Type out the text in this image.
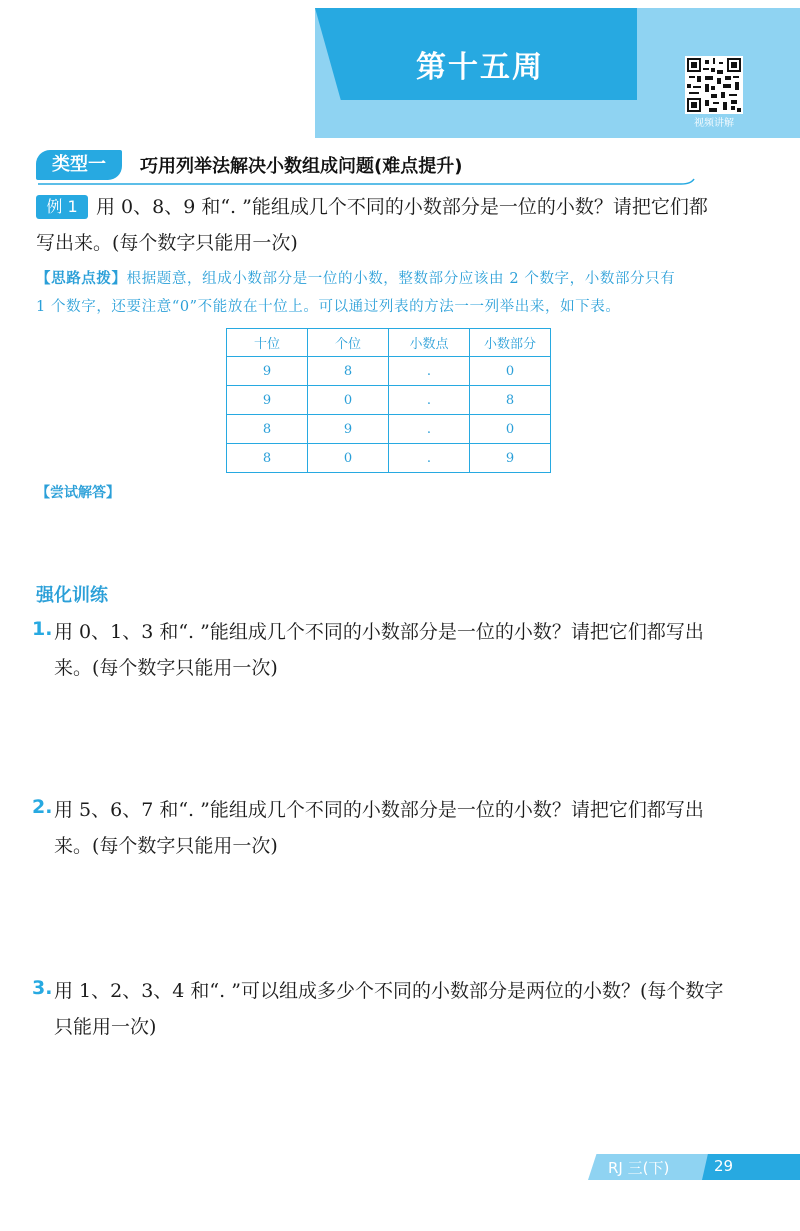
第十五周
视频讲解
类型一	巧用列举法解决小数组成问题(难点提升)
例 1 用 0、8、9 和“. ”能组成几个不同的小数部分是一位的小数？请把它们都
写出来。(每个数字只能用一次)
【思路点拨】根据题意，组成小数部分是一位的小数，整数部分应该由 2 个数字，小数部分只有
1 个数字，还要注意“0”不能放在十位上。可以通过列表的方法一一列举出来，如下表。
十位	个位	小数点	小数部分
9	8	.	0
9	0	.	8
8	9	.	0
8	0	.	9
【尝试解答】
强化训练
1. 用 0、1、3 和“. ”能组成几个不同的小数部分是一位的小数？请把它们都写出
来。(每个数字只能用一次)
2. 用 5、6、7 和“. ”能组成几个不同的小数部分是一位的小数？请把它们都写出
来。(每个数字只能用一次)
3. 用 1、2、3、4 和“. ”可以组成多少个不同的小数部分是两位的小数？(每个数字
只能用一次)
RJ 三(下)	29
